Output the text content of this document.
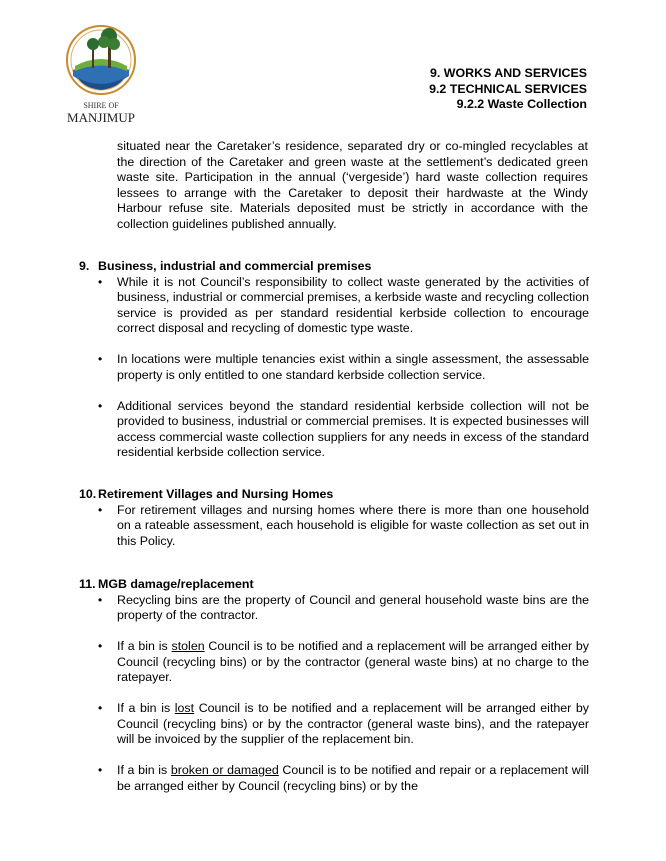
SHIRE OF
MANJIMUP
9. WORKS AND SERVICES
9.2 TECHNICAL SERVICES
9.2.2 Waste Collection
situated near the Caretaker’s residence, separated dry or co-mingled recyclables at the direction of the Caretaker and green waste at the settlement’s dedicated green waste site. Participation in the annual (‘vergeside’) hard waste collection requires lessees to arrange with the Caretaker to deposit their hardwaste at the Windy Harbour refuse site. Materials deposited must be strictly in accordance with the collection guidelines published annually.
9. Business, industrial and commercial premises
• While it is not Council’s responsibility to collect waste generated by the activities of business, industrial or commercial premises, a kerbside waste and recycling collection service is provided as per standard residential kerbside collection to encourage correct disposal and recycling of domestic type waste.
• In locations were multiple tenancies exist within a single assessment, the assessable property is only entitled to one standard kerbside collection service.
• Additional services beyond the standard residential kerbside collection will not be provided to business, industrial or commercial premises. It is expected businesses will access commercial waste collection suppliers for any needs in excess of the standard residential kerbside collection service.
10. Retirement Villages and Nursing Homes
• For retirement villages and nursing homes where there is more than one household on a rateable assessment, each household is eligible for waste collection as set out in this Policy.
11. MGB damage/replacement
• Recycling bins are the property of Council and general household waste bins are the property of the contractor.
• If a bin is stolen Council is to be notified and a replacement will be arranged either by Council (recycling bins) or by the contractor (general waste bins) at no charge to the ratepayer.
• If a bin is lost Council is to be notified and a replacement will be arranged either by Council (recycling bins) or by the contractor (general waste bins), and the ratepayer will be invoiced by the supplier of the replacement bin.
• If a bin is broken or damaged Council is to be notified and repair or a replacement will be arranged either by Council (recycling bins) or by the
